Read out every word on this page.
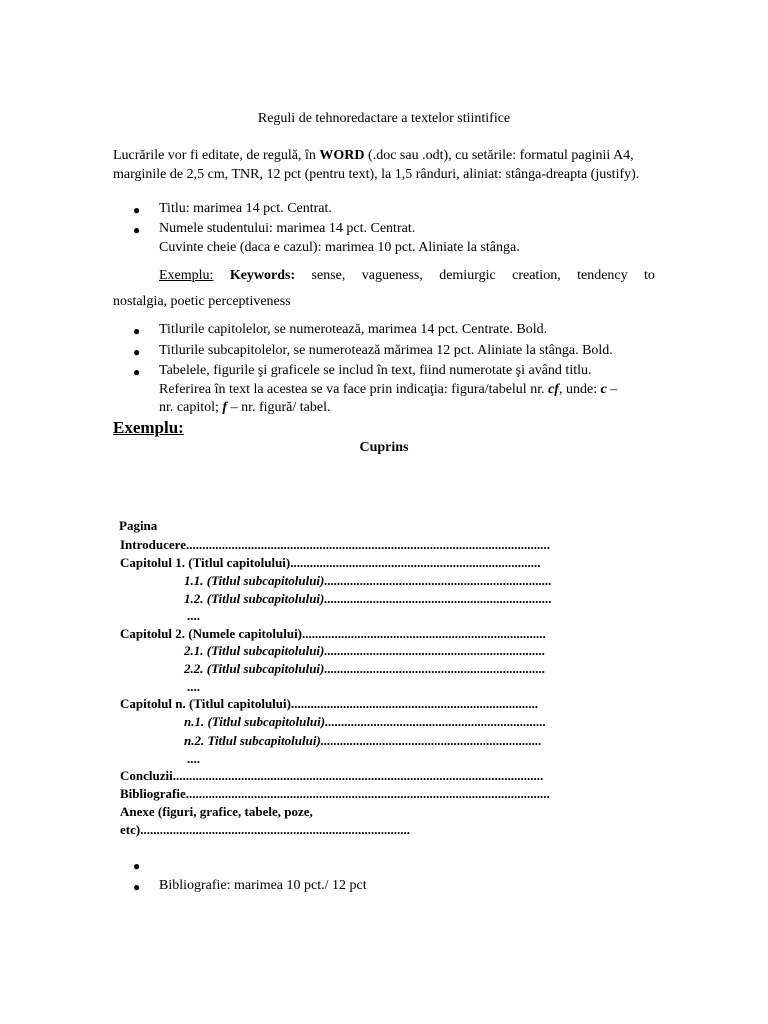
Reguli de tehnoredactare a textelor stiintifice
Lucrările vor fi editate, de regulă, în WORD (.doc sau .odt), cu setările: formatul paginii A4, marginile de 2,5 cm, TNR, 12 pct (pentru text), la 1,5 rânduri, aliniat: stânga-dreapta (justify).
● Titlu: marimea 14 pct. Centrat.
● Numele studentului: marimea 14 pct. Centrat.
Cuvinte cheie (daca e cazul): marimea 10 pct. Aliniate la stânga.
Exemplu: Keywords: sense, vagueness, demiurgic creation, tendency to
nostalgia, poetic perceptiveness
● Titlurile capitolelor, se numerotează, marimea 14 pct. Centrate. Bold.
● Titlurile subcapitolelor, se numerotează mărimea 12 pct. Aliniate la stânga. Bold.
● Tabelele, figurile şi graficele se includ în text, fiind numerotate şi având titlu.
Referirea în text la acestea se va face prin indicaţia: figura/tabelul nr. cf, unde: c –
nr. capitol; f – nr. figură/ tabel.
Exemplu:
Cuprins
Pagina
Introducere................................................................................................................
Capitolul 1. (Titlul capitolului).............................................................................
1.1. (Titlul subcapitolului)......................................................................
1.2. (Titlul subcapitolului)......................................................................
....
Capitolul 2. (Numele capitolului)...........................................................................
2.1. (Titlul subcapitolului)....................................................................
2.2. (Titlul subcapitolului)....................................................................
....
Capitolul n. (Titlul capitolului)............................................................................
n.1. (Titlul subcapitolului)....................................................................
n.2. Titlul subcapitolului)....................................................................
....
Concluzii..................................................................................................................
Bibliografie................................................................................................................
Anexe (figuri, grafice, tabele, poze,
etc)...................................................................................
●
● Bibliografie: marimea 10 pct./ 12 pct
